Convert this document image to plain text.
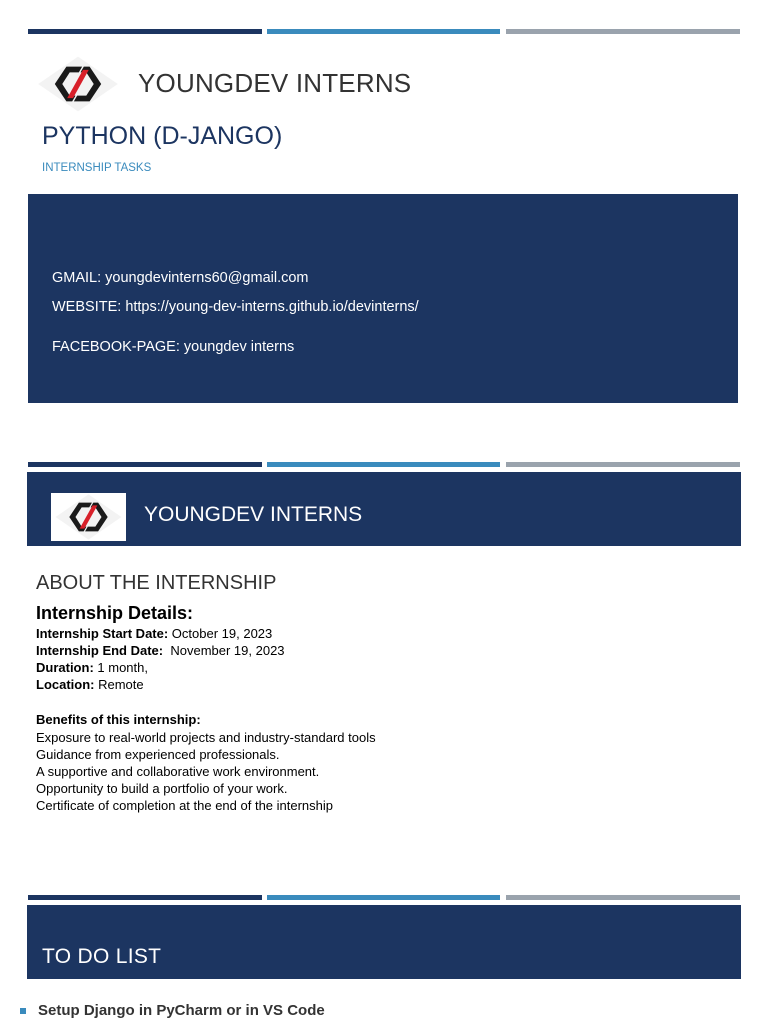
YOUNGDEV INTERNS
PYTHON (D-JANGO)
INTERNSHIP TASKS
GMAIL: youngdevinterns60@gmail.com
WEBSITE: https://young-dev-interns.github.io/devinterns/
FACEBOOK-PAGE: youngdev interns
YOUNGDEV INTERNS
ABOUT THE INTERNSHIP
Internship Details:
Internship Start Date: October 19, 2023
Internship End Date:  November 19, 2023
Duration: 1 month,
Location: Remote
Benefits of this internship:
Exposure to real-world projects and industry-standard tools
Guidance from experienced professionals.
A supportive and collaborative work environment.
Opportunity to build a portfolio of your work.
Certificate of completion at the end of the internship
TO DO LIST
Setup Django in PyCharm or in VS Code
